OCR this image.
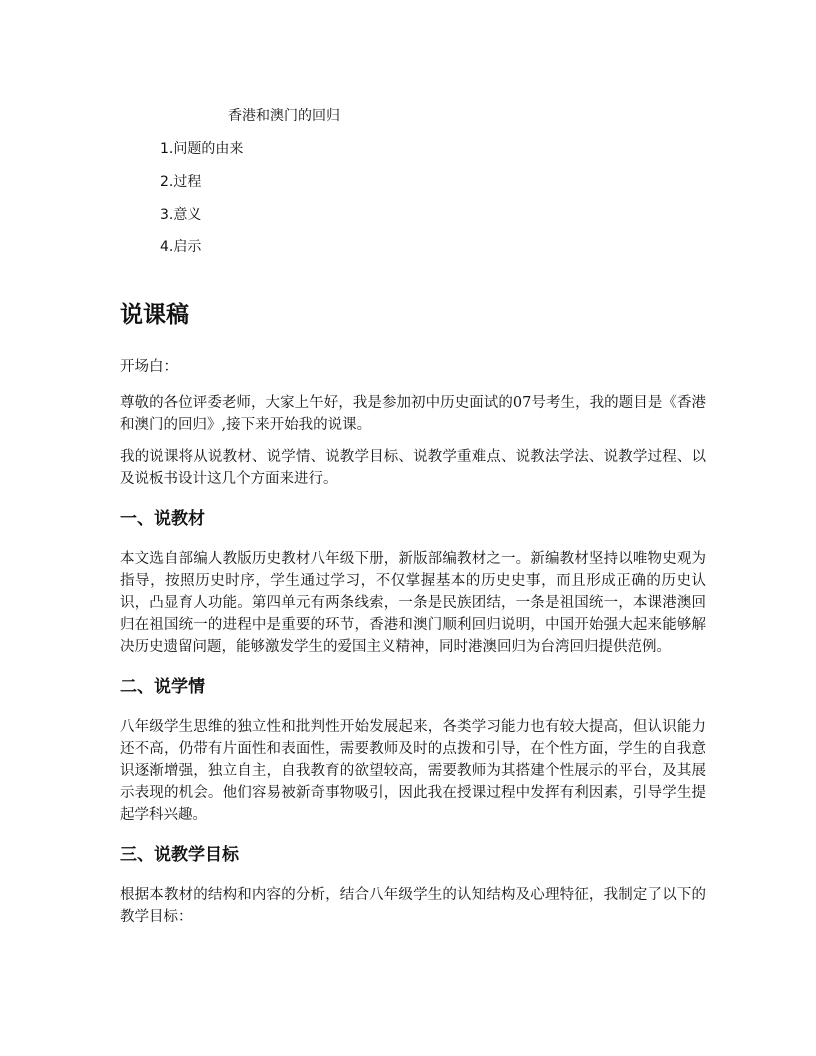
香港和澳门的回归
1.问题的由来
2.过程
3.意义
4.启示
说课稿

开场白：

尊敬的各位评委老师，大家上午好，我是参加初中历史面试的07号考生，我的题目是《香港和澳门的回归》,接下来开始我的说课。

我的说课将从说教材、说学情、说教学目标、说教学重难点、说教法学法、说教学过程、以及说板书设计这几个方面来进行。

一、说教材

本文选自部编人教版历史教材八年级下册，新版部编教材之一。新编教材坚持以唯物史观为指导，按照历史时序，学生通过学习，不仅掌握基本的历史史事，而且形成正确的历史认识，凸显育人功能。第四单元有两条线索，一条是民族团结，一条是祖国统一，本课港澳回归在祖国统一的进程中是重要的环节，香港和澳门顺利回归说明，中国开始强大起来能够解决历史遗留问题，能够激发学生的爱国主义精神，同时港澳回归为台湾回归提供范例。

二、说学情

八年级学生思维的独立性和批判性开始发展起来，各类学习能力也有较大提高，但认识能力还不高，仍带有片面性和表面性，需要教师及时的点拨和引导，在个性方面，学生的自我意识逐渐增强，独立自主，自我教育的欲望较高，需要教师为其搭建个性展示的平台，及其展示表现的机会。他们容易被新奇事物吸引，因此我在授课过程中发挥有利因素，引导学生提起学科兴趣。

三、说教学目标

根据本教材的结构和内容的分析，结合八年级学生的认知结构及心理特征，我制定了以下的教学目标：
